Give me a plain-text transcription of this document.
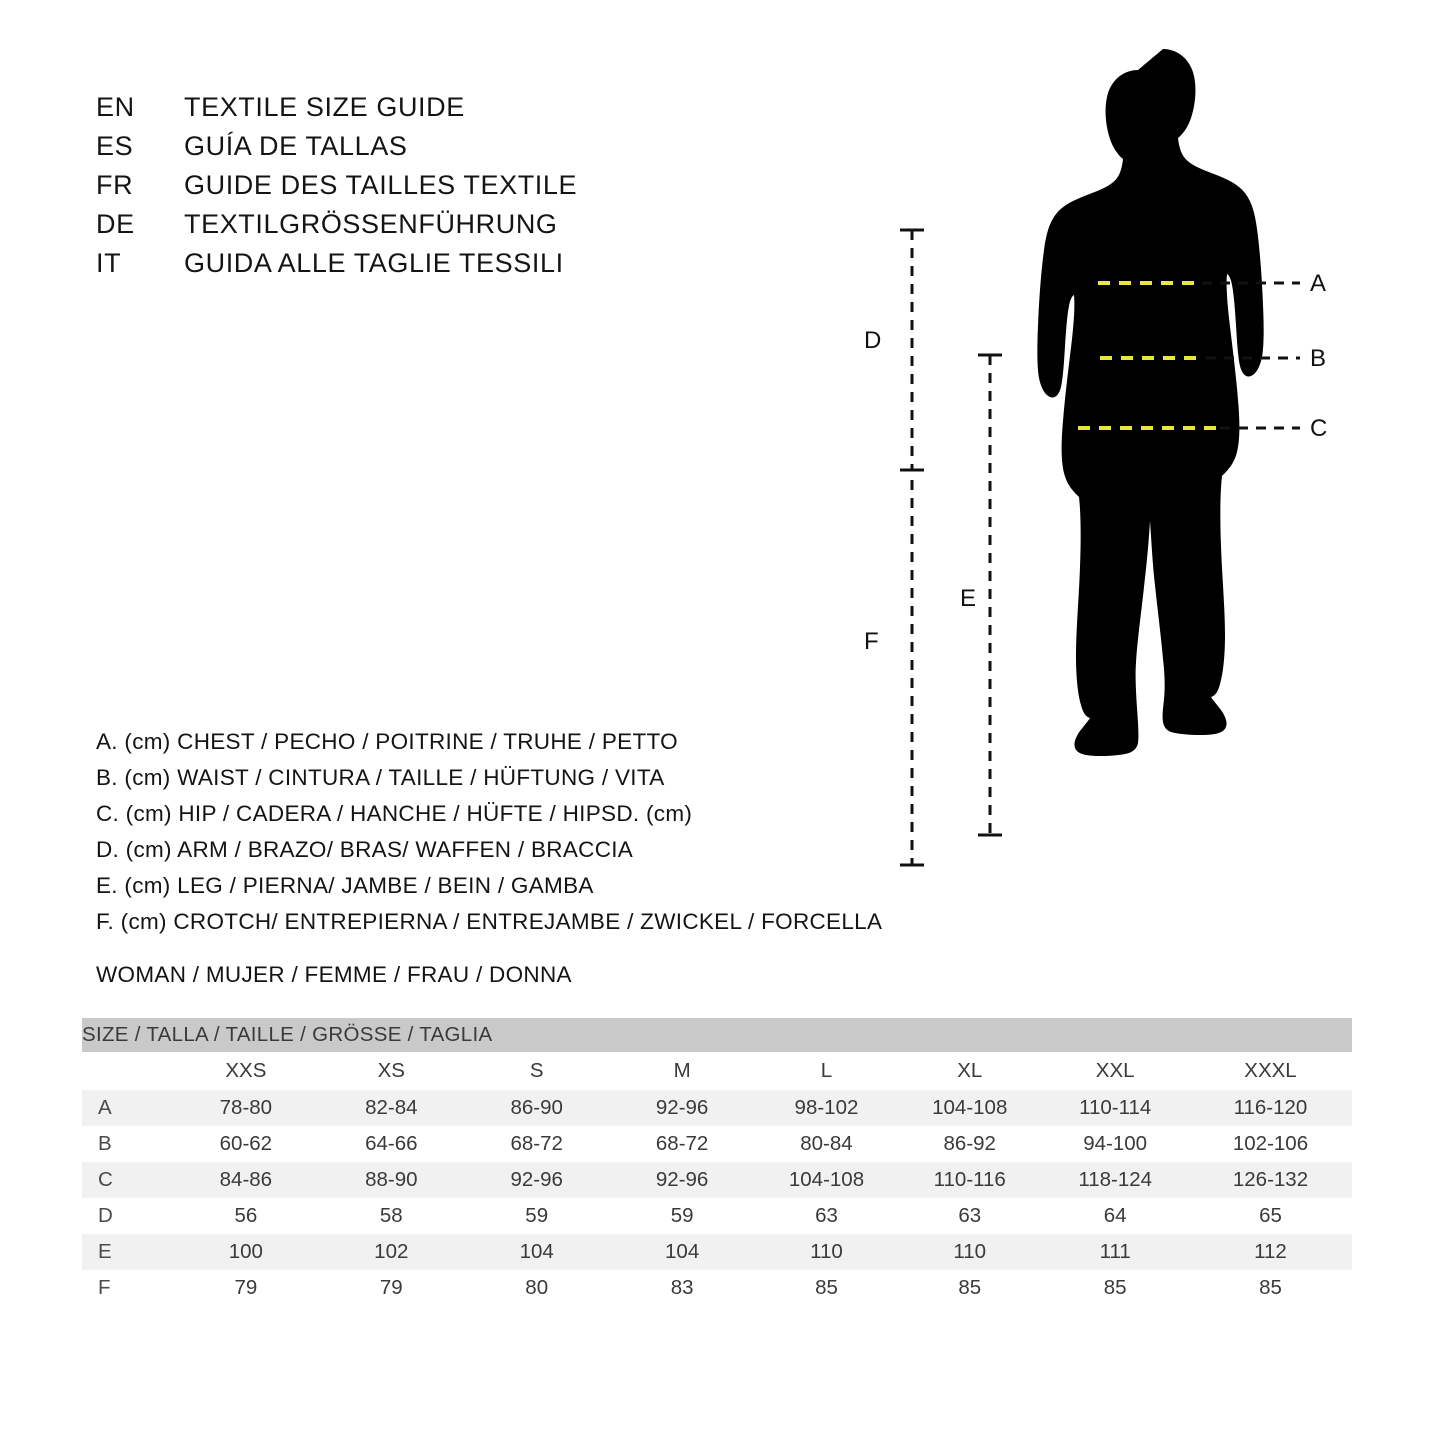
EN	TEXTILE SIZE GUIDE
ES	GUÍA DE TALLAS
FR	GUIDE DES TAILLES TEXTILE
DE	TEXTILGRÖSSENFÜHRUNG
IT	GUIDA ALLE TAGLIE TESSILI
A. (cm) CHEST / PECHO / POITRINE / TRUHE / PETTO
B. (cm) WAIST / CINTURA / TAILLE / HÜFTUNG / VITA
C. (cm) HIP / CADERA / HANCHE / HÜFTE / HIPSD. (cm)
D. (cm) ARM / BRAZO/ BRAS/ WAFFEN / BRACCIA
E. (cm) LEG / PIERNA/ JAMBE / BEIN / GAMBA
F. (cm) CROTCH/ ENTREPIERNA / ENTREJAMBE / ZWICKEL / FORCELLA
WOMAN / MUJER / FEMME / FRAU / DONNA
D
F
E
A
B
C
SIZE / TALLA / TAILLE / GRÖSSE / TAGLIA								
	XXS	XS	S	M	L	XL	XXL	XXXL
A	78-80	82-84	86-90	92-96	98-102	104-108	110-114	116-120
B	60-62	64-66	68-72	68-72	80-84	86-92	94-100	102-106
C	84-86	88-90	92-96	92-96	104-108	110-116	118-124	126-132
D	56	58	59	59	63	63	64	65
E	100	102	104	104	110	110	111	112
F	79	79	80	83	85	85	85	85
